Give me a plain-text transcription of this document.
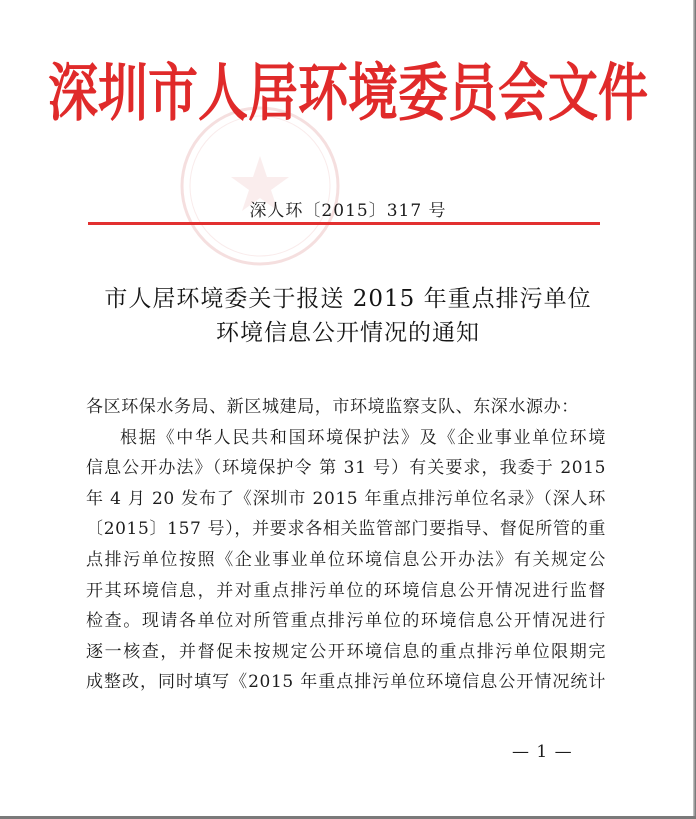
深圳市人居环境委员会文件
深人环〔2015〕317 号
市人居环境委关于报送 2015 年重点排污单位
环境信息公开情况的通知
各区环保水务局、新区城建局，市环境监察支队、东深水源办：
根据《中华人民共和国环境保护法》及《企业事业单位环境
信息公开办法》（环境保护令 第 31 号）有关要求，我委于 2015
年 4 月 20 发布了《深圳市 2015 年重点排污单位名录》（深人环
〔2015〕157 号），并要求各相关监管部门要指导、督促所管的重
点排污单位按照《企业事业单位环境信息公开办法》有关规定公
开其环境信息，并对重点排污单位的环境信息公开情况进行监督
检查。现请各单位对所管重点排污单位的环境信息公开情况进行
逐一核查，并督促未按规定公开环境信息的重点排污单位限期完
成整改，同时填写《2015 年重点排污单位环境信息公开情况统计
— 1 —
